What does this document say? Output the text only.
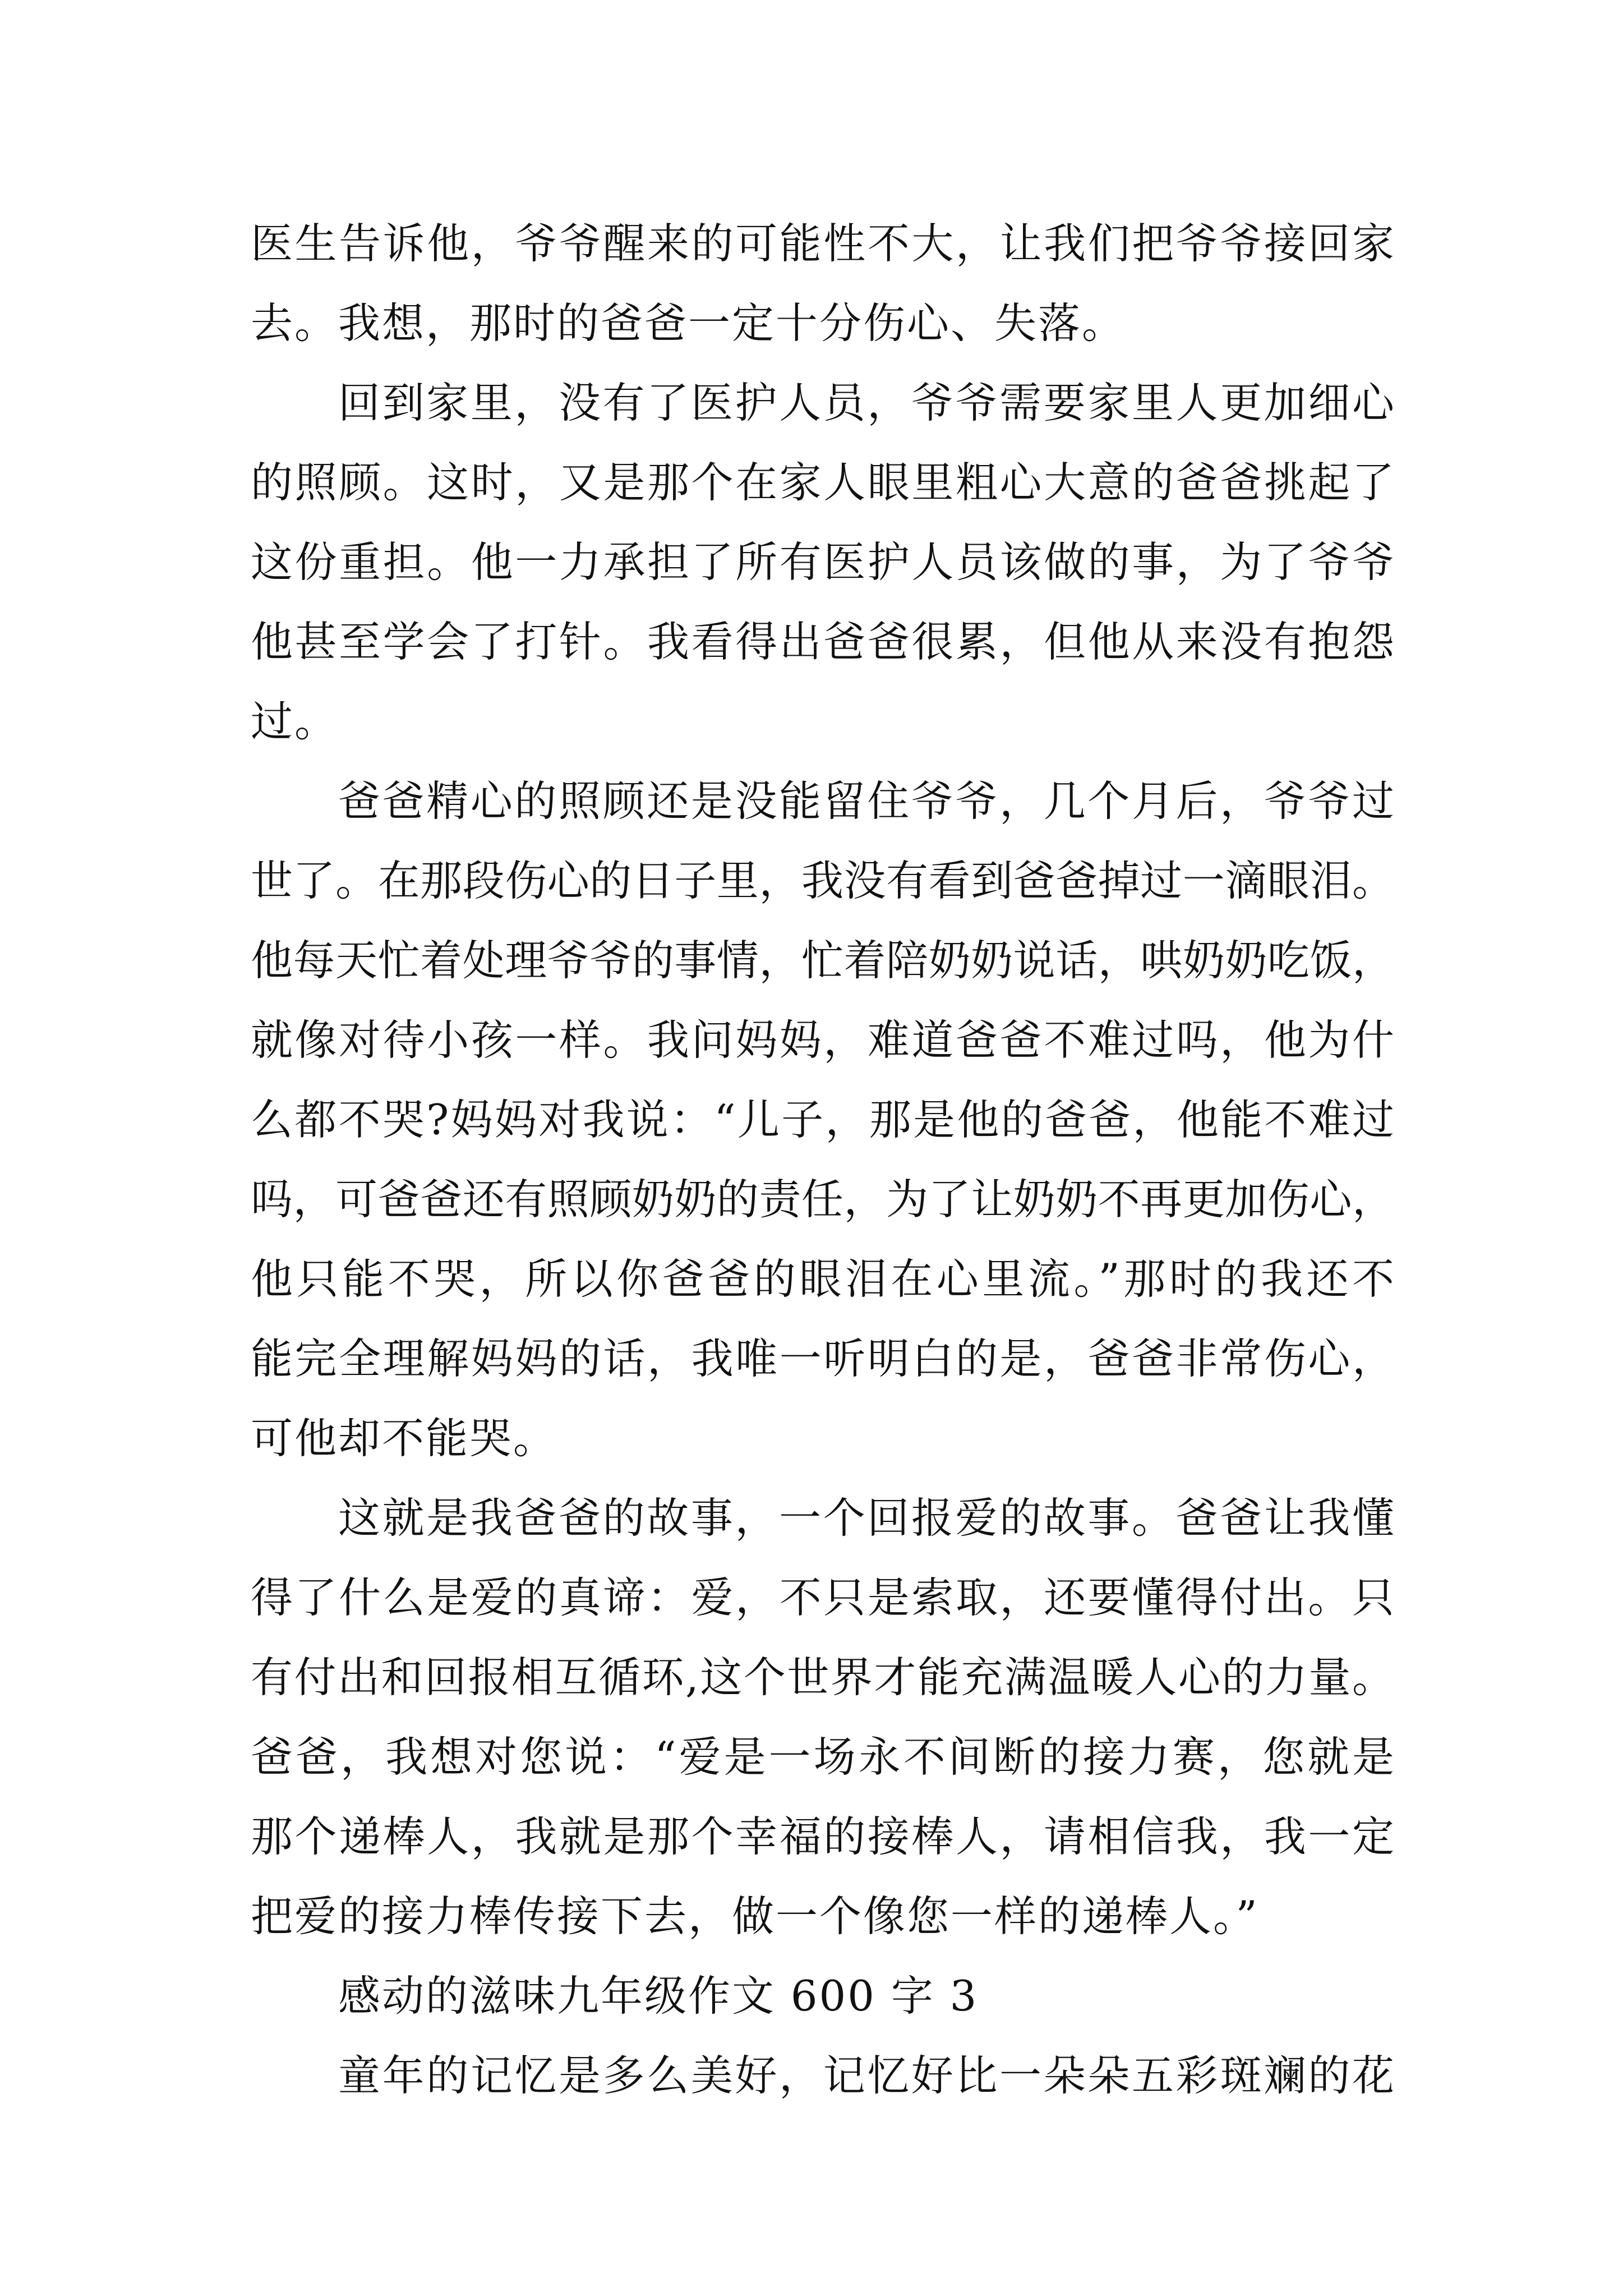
医生告诉他，爷爷醒来的可能性不大，让我们把爷爷接回家
去。我想，那时的爸爸一定十分伤心、失落。
回到家里，没有了医护人员，爷爷需要家里人更加细心
的照顾。这时，又是那个在家人眼里粗心大意的爸爸挑起了
这份重担。他一力承担了所有医护人员该做的事，为了爷爷
他甚至学会了打针。我看得出爸爸很累，但他从来没有抱怨
过。
爸爸精心的照顾还是没能留住爷爷，几个月后，爷爷过
世了。在那段伤心的日子里，我没有看到爸爸掉过一滴眼泪。
他每天忙着处理爷爷的事情，忙着陪奶奶说话，哄奶奶吃饭，
就像对待小孩一样。我问妈妈，难道爸爸不难过吗，他为什
么都不哭?妈妈对我说：“儿子，那是他的爸爸，他能不难过
吗，可爸爸还有照顾奶奶的责任，为了让奶奶不再更加伤心，
他只能不哭，所以你爸爸的眼泪在心里流。”那时的我还不
能完全理解妈妈的话，我唯一听明白的是，爸爸非常伤心，
可他却不能哭。
这就是我爸爸的故事，一个回报爱的故事。爸爸让我懂
得了什么是爱的真谛：爱，不只是索取，还要懂得付出。只
有付出和回报相互循环,这个世界才能充满温暖人心的力量。
爸爸，我想对您说：“爱是一场永不间断的接力赛，您就是
那个递棒人，我就是那个幸福的接棒人，请相信我，我一定
把爱的接力棒传接下去，做一个像您一样的递棒人。”
感动的滋味九年级作文 600 字 3
童年的记忆是多么美好，记忆好比一朵朵五彩斑斓的花
